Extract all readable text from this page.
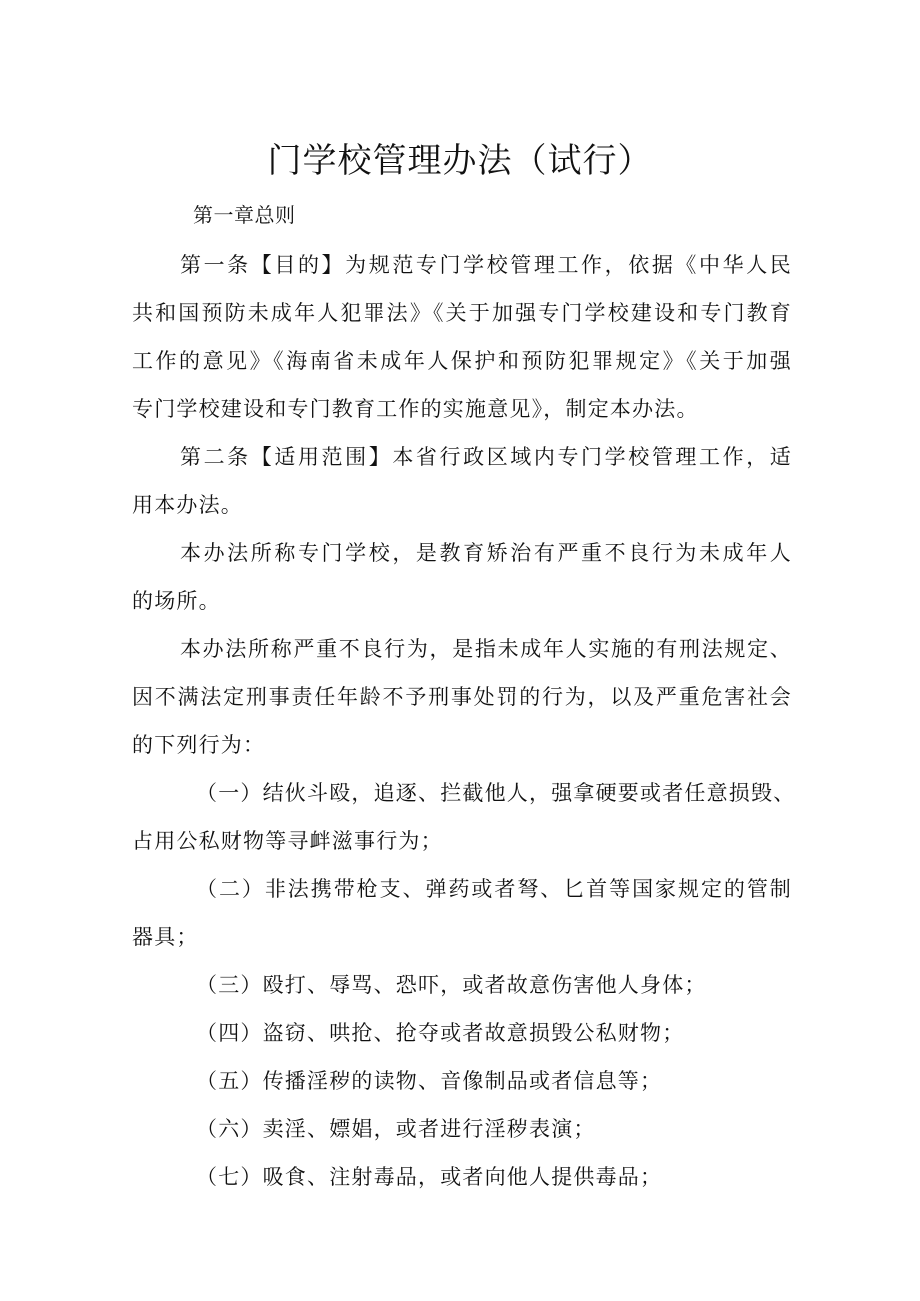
门学校管理办法（试行）
第一章总则
第一条【目的】为规范专门学校管理工作，依据《中华人民
共和国预防未成年人犯罪法》《关于加强专门学校建设和专门教育
工作的意见》《海南省未成年人保护和预防犯罪规定》《关于加强
专门学校建设和专门教育工作的实施意见》，制定本办法。
第二条【适用范围】本省行政区域内专门学校管理工作，适
用本办法。
本办法所称专门学校，是教育矫治有严重不良行为未成年人
的场所。
本办法所称严重不良行为，是指未成年人实施的有刑法规定、
因不满法定刑事责任年龄不予刑事处罚的行为，以及严重危害社会
的下列行为：
（一）结伙斗殴，追逐、拦截他人，强拿硬要或者任意损毁、
占用公私财物等寻衅滋事行为；
（二）非法携带枪支、弹药或者弩、匕首等国家规定的管制
器具；
（三）殴打、辱骂、恐吓，或者故意伤害他人身体；
（四）盗窃、哄抢、抢夺或者故意损毁公私财物；
（五）传播淫秽的读物、音像制品或者信息等；
（六）卖淫、嫖娼，或者进行淫秽表演；
（七）吸食、注射毒品，或者向他人提供毒品；
